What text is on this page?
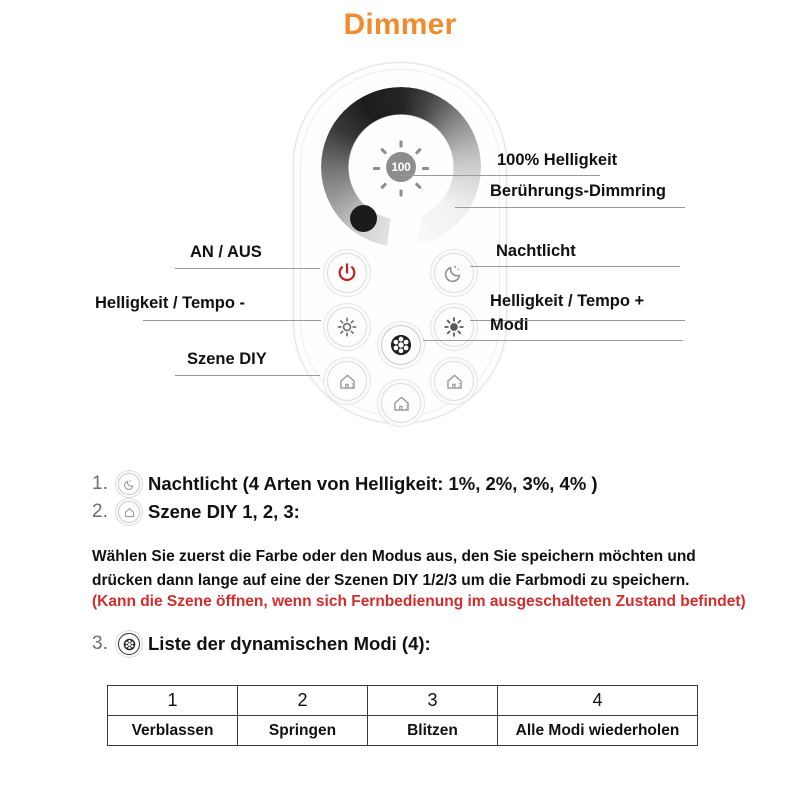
Dimmer
100
1	3
2
100% Helligkeit
Berührungs-Dimmring
Nachtlicht
Helligkeit / Tempo +
Modi
AN / AUS
Helligkeit / Tempo -
Szene DIY
1.	Nachtlicht (4 Arten von Helligkeit: 1%, 2%, 3%, 4% )
2.	Szene DIY 1, 2, 3:
Wählen Sie zuerst die Farbe oder den Modus aus, den Sie speichern möchten und
drücken dann lange auf eine der Szenen DIY 1/2/3 um die Farbmodi zu speichern.
(Kann die Szene öffnen, wenn sich Fernbedienung im ausgeschalteten Zustand befindet)
3.	Liste der dynamischen Modi (4):
1	2	3	4
Verblassen	Springen	Blitzen	Alle Modi wiederholen
